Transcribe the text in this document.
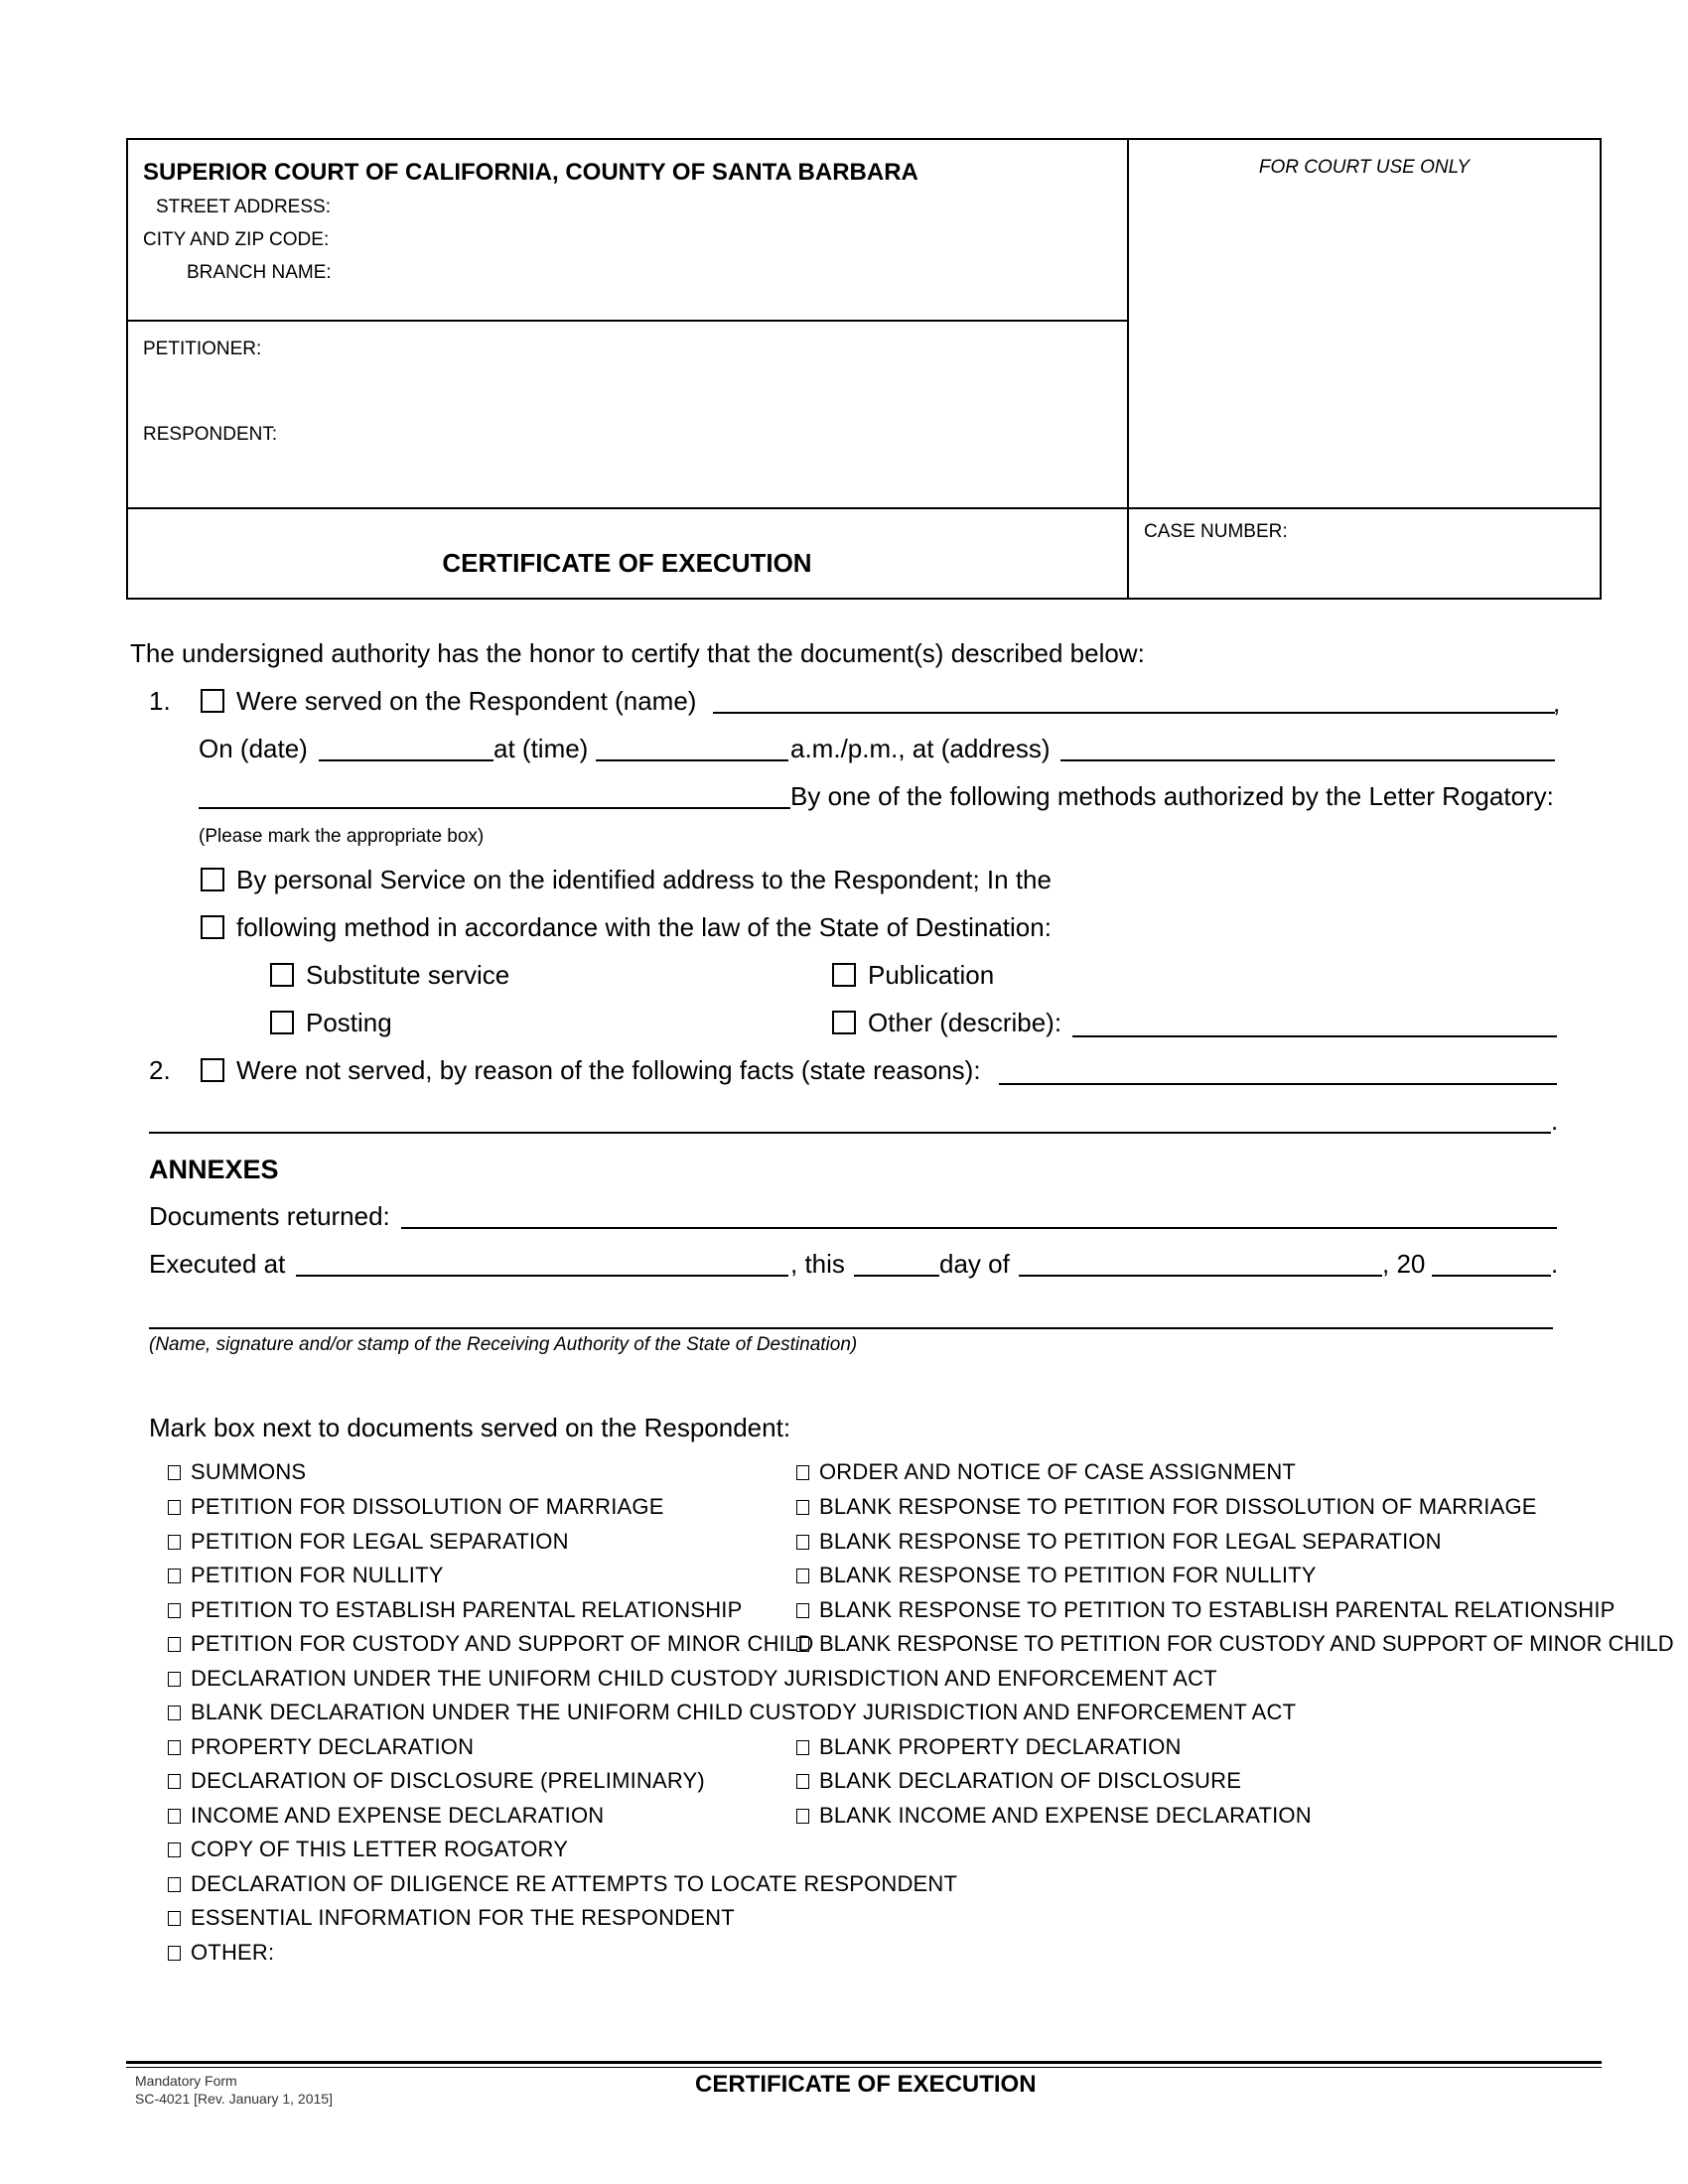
SUPERIOR COURT OF CALIFORNIA, COUNTY OF SANTA BARBARA
STREET ADDRESS:
CITY AND ZIP CODE:
BRANCH NAME:
FOR COURT USE ONLY
PETITIONER:
RESPONDENT:
CERTIFICATE OF EXECUTION
CASE NUMBER:
The undersigned authority has the honor to certify that the document(s) described below:
1.	Were served on the Respondent (name)	,
On (date)	at (time)	a.m./p.m., at (address)
By one of the following methods authorized by the Letter Rogatory:
(Please mark the appropriate box)
By personal Service on the identified address to the Respondent; In the
following method in accordance with the law of the State of Destination:
Substitute service	Publication
Posting	Other (describe):
2.	Were not served, by reason of the following facts (state reasons):
.
ANNEXES
Documents returned:
Executed at	, this	day of	, 20	.
(Name, signature and/or stamp of the Receiving Authority of the State of Destination)
Mark box next to documents served on the Respondent:
SUMMONS	ORDER AND NOTICE OF CASE ASSIGNMENT
PETITION FOR DISSOLUTION OF MARRIAGE	BLANK RESPONSE TO PETITION FOR DISSOLUTION OF MARRIAGE
PETITION FOR LEGAL SEPARATION	BLANK RESPONSE TO PETITION FOR LEGAL SEPARATION
PETITION FOR NULLITY	BLANK RESPONSE TO PETITION FOR NULLITY
PETITION TO ESTABLISH PARENTAL RELATIONSHIP	BLANK RESPONSE TO PETITION TO ESTABLISH PARENTAL RELATIONSHIP
PETITION FOR CUSTODY AND SUPPORT OF MINOR CHILD BLANK RESPONSE TO PETITION FOR CUSTODY AND SUPPORT OF MINOR CHILD
DECLARATION UNDER THE UNIFORM CHILD CUSTODY JURISDICTION AND ENFORCEMENT ACT
BLANK DECLARATION UNDER THE UNIFORM CHILD CUSTODY JURISDICTION AND ENFORCEMENT ACT
PROPERTY DECLARATION	BLANK PROPERTY DECLARATION
DECLARATION OF DISCLOSURE (PRELIMINARY)	BLANK DECLARATION OF DISCLOSURE
INCOME AND EXPENSE DECLARATION	BLANK INCOME AND EXPENSE DECLARATION
COPY OF THIS LETTER ROGATORY
DECLARATION OF DILIGENCE RE ATTEMPTS TO LOCATE RESPONDENT
ESSENTIAL INFORMATION FOR THE RESPONDENT
OTHER:
Mandatory Form
SC-4021 [Rev. January 1, 2015]
CERTIFICATE OF EXECUTION
